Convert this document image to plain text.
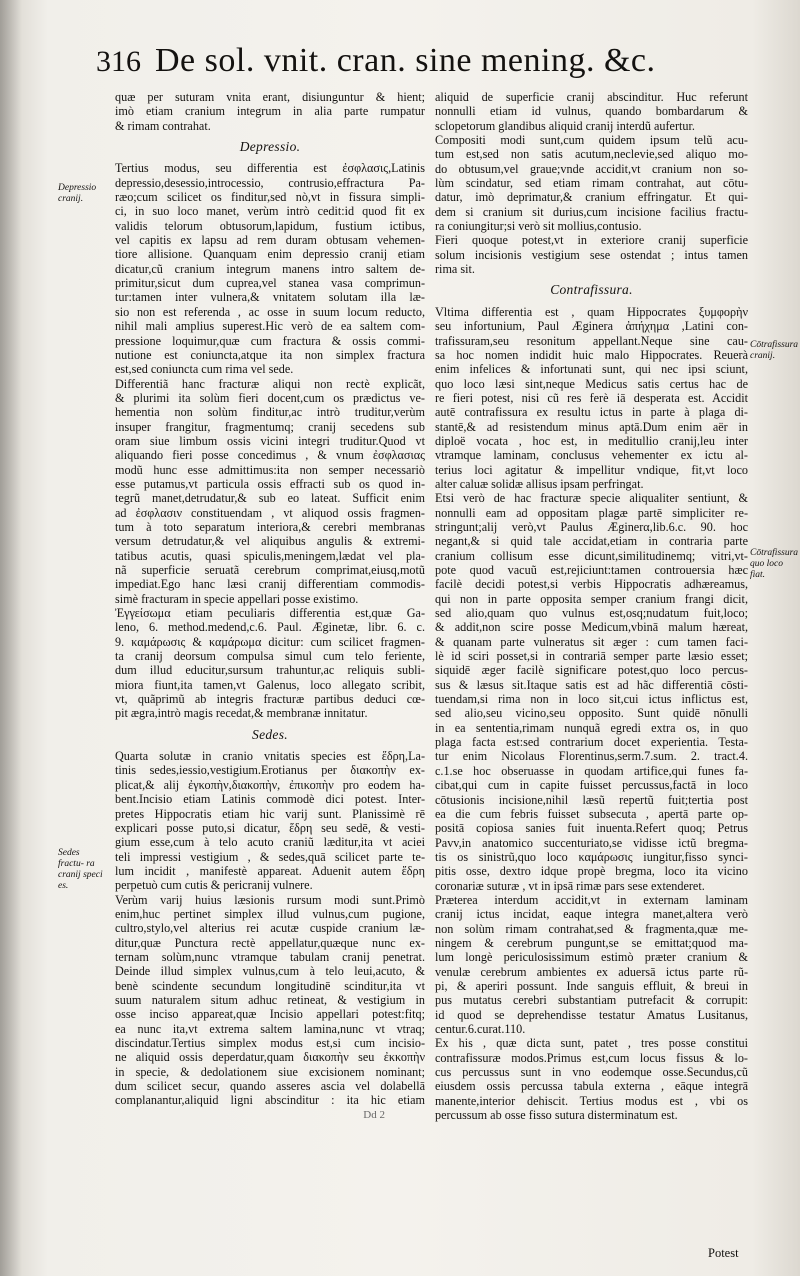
316 De sol. vnit. cran. sine mening. &c.

quæ per suturam vnita erant, disiunguntur & hient;
imò etiam cranium integrum in alia parte rumpatur
& rimam contrahat.

Depressio.

Tertius modus, seu differentia est ἐσφλασις,Latinis
depressio,desessio,introcessio, contrusio,effractura Pa-
ræo;cum scilicet os finditur,sed nò,vt in fissura simpli-
ci, in suo loco manet, verùm intrò cedit:id quod fit ex
validis telorum obtusorum,lapidum, fustium ictibus,
vel capitis ex lapsu ad rem duram obtusam vehemen-
tiore allisione. Quanquam enim depressio cranij etiam
dicatur,cũ cranium integrum manens intro saltem de-
primitur,sicut dum cuprea,vel stanea vasa comprimun-
tur:tamen inter vulnera,& vnitatem solutam illa læ-
sio non est referenda , ac osse in suum locum reducto,
nihil mali amplius superest.Hic verò de ea saltem com-
pressione loquimur,quæ cum fractura & ossis commi-
nutione est coniuncta,atque ita non simplex fractura
est,sed coniuncta cum rima vel sede.

Differentiã hanc fracturæ aliqui non rectè explicãt,
& plurimi ita solùm fieri docent,cum os prædictus ve-
hementia non solùm finditur,ac intrò truditur,verùm
insuper frangitur, fragmentumq; cranij secedens sub
oram siue limbum ossis vicini integri truditur.Quod vt
aliquando fieri posse concedimus , & vnum ἐσφλασιας
modũ hunc esse admittimus:ita non semper necessariò
esse putamus,vt particula ossis effracti sub os quod in-
tegrũ manet,detrudatur,& sub eo lateat. Sufficit enim
ad ἐσφλασιν constituendam , vt aliquod ossis fragmen-
tum à toto separatum interiora,& cerebri membranas
versum detrudatur,& vel aliquibus angulis & extremi-
tatibus acutis, quasi spiculis,meningem,lædat vel pla-
nã superficie seruatã cerebrum comprimat,eiusq,motũ
impediat.Ego hanc læsi cranij differentiam commodis-
simè fracturam in specie appellari posse existimo.

Ἐγγείσωμα etiam peculiaris differentia est,quæ Ga-
leno, 6. method.medend,c.6. Paul. Æginetæ, libr. 6. c.
9. καμάρωσις & καμάρωμα dicitur: cum scilicet fragmen-
ta cranij deorsum compulsa simul cum telo feriente,
dum illud educitur,sursum trahuntur,ac reliquis subli-
miora fiunt,ita tamen,vt Galenus, loco allegato scribit,
vt, quãprimũ ab integris fracturæ partibus deduci cœ-
pit ægra,intrò magis recedat,& membranæ innitatur.

Sedes.

Quarta solutæ in cranio vnitatis species est ἕδρη,La-
tinis sedes,iessio,vestigium.Erotianus per διακοπὴν ex-
plicat,& alij ἐγκοπὴν,διακοπὴν, ἐπικοπὴν pro eodem ha-
bent.Incisio etiam Latinis commodè dici potest. Inter-
pretes Hippocratis etiam hic varij sunt. Planissimè rē
explicari posse puto,si dicatur, ἕδρη seu sedē, & vesti-
gium esse,cum à telo acuto craniũ læditur,ita vt aciei
teli impressi vestigium , & sedes,quā scilicet parte te-
lum incidit , manifestè appareat. Aduenit autem ἕδρη
perpetuò cum cutis & pericranij vulnere.

Verùm varij huius læsionis rursum modi sunt.Primò
enim,huc pertinet simplex illud vulnus,cum pugione,
cultro,stylo,vel alterius rei acutæ cuspide cranium læ-
ditur,quæ Punctura rectè appellatur,quæque nunc ex-
ternam solùm,nunc vtramque tabulam cranij penetrat.
Deinde illud simplex vulnus,cum à telo leui,acuto, &
benè scindente secundum longitudinē scinditur,ita vt
suum naturalem situm adhuc retineat, & vestigium in
osse inciso appareat,quæ Incisio appellari potest:fitq;
ea nunc ita,vt extrema saltem lamina,nunc vt vtraq;
discindatur.Tertius simplex modus est,si cum incisio-
ne aliquid ossis deperdatur,quam διακοπὴν seu ἐκκοπὴν
in specie, & dedolationem siue excisionem nominant;
dum scilicet secur, quando asseres ascia vel dolabellā
complanantur,aliquid ligni abscinditur : ita hic etiam

Dd 2

aliquid de superficie cranij abscinditur. Huc referunt
nonnulli etiam id vulnus, quando bombardarum &
sclopetorum glandibus aliquid cranij interdũ aufertur.

Compositi modi sunt,cum quidem ipsum telũ acu-
tum est,sed non satis acutum,neclevie,sed aliquo mo-
do obtusum,vel graue;vnde accidit,vt cranium non so-
lùm scindatur, sed etiam rimam contrahat, aut cōtu-
datur, imò deprimatur,& cranium effringatur. Et qui-
dem si cranium sit durius,cum incisione facilius fractu-
ra coniungitur;si verò sit mollius,contusio.

Fieri quoque potest,vt in exteriore cranij superficie
solum incisionis vestigium sese ostendat ; intus tamen
rima sit.

Contrafissura.

Vltima differentia est , quam Hippocrates ξυμφορὴν
seu infortunium, Paul Æginera ἀπήχημα ,Latini con-
trafissuram,seu resonitum appellant.Neque sine cau-
sa hoc nomen indidit huic malo Hippocrates. Reuerà
enim infelices & infortunati sunt, qui nec ipsi sciunt,
quo loco læsi sint,neque Medicus satis certus hac de
re fieri potest, nisi cũ res ferè iā desperata est. Accidit
autē contrafissura ex resultu ictus in parte à plaga di-
stantē,& ad resistendum minus aptā.Dum enim aër in
diploë vocata , hoc est, in meditullio cranij,leu inter
vtramque laminam, conclusus vehementer ex ictu al-
terius loci agitatur & impellitur vndique, fit,vt loco
alter caluæ solidæ allisus ipsam perfringat.

Etsi verò de hac fracturæ specie aliqualiter sentiunt, &
nonnulli eam ad oppositam plagæ partē simpliciter re-
stringunt;alij verò,vt Paulus Æginerα,lib.6.c. 90. hoc
negant,& si quid tale accidat,etiam in contraria parte
cranium collisum esse dicunt,similitudinemq; vitri,vt-
pote quod vacuũ est,rejiciunt:tamen controuersia hæc
facilè decidi potest,si verbis Hippocratis adhæreamus,
qui non in parte opposita semper cranium frangi dicit,
sed alio,quam quo vulnus est,osq;nudatum fuit,loco;
& addit,non scire posse Medicum,vbinā malum hæreat,
& quanam parte vulneratus sit æger : cum tamen faci-
lè id sciri posset,si in contrariā semper parte læsio esset;
siquidē æger facilè significare potest,quo loco percus-
sus & læsus sit.Itaque satis est ad hãc differentiā cōsti-
tuendam,si rima non in loco sit,cui ictus inflictus est,
sed alio,seu vicino,seu opposito. Sunt quidē nōnulli
in ea sententia,rimam nunquã egredi extra os, in quo
plaga facta est:sed contrarium docet experientia. Testa-
tur enim Nicolaus Florentinus,serm.7.sum. 2. tract.4.
c.1.se hoc obseruasse in quodam artifice,qui funes fa-
cibat,qui cum in capite fuisset percussus,factā in loco
cōtusionis incisione,nihil læsũ repertũ fuit;tertia post
ea die cum febris fuisset subsecuta , apertā parte op-
positā copiosa sanies fuit inuenta.Refert quoq; Petrus
Pavv,in anatomico succenturiato,se vidisse ictũ bregma-
tis os sinistrũ,quo loco καμάρωσις iungitur,fisso synci-
pitis osse, dextro idque propè bregma, loco ita vicino
coronariæ suturæ , vt in ipsā rimæ pars sese extenderet.

Præterea interdum accidit,vt in externam laminam
cranij ictus incidat, eaque integra manet,altera verò
non solùm rimam contrahat,sed & fragmenta,quæ me-
ningem & cerebrum pungunt,se se emittat;quod ma-
lum longè periculosissimum estimò præter cranium &
venulæ cerebrum ambientes ex aduersā ictus parte rũ-
pi, & aperiri possunt. Inde sanguis effluit, & breui in
pus mutatus cerebri substantiam putrefacit & corrupit:
id quod se deprehendisse testatur Amatus Lusitanus,
centur.6.curat.110.

Ex his , quæ dicta sunt, patet , tres posse constitui
contrafissuræ modos.Primus est,cum locus fissus & lo-
cus percussus sunt in vno eodemque osse.Secundus,cũ
eiusdem ossis percussa tabula externa , eāque integrā
manente,interior dehiscit. Tertius modus est , vbi os
percussum ab osse fisso sutura disterminatum est.

Depressio cranij.
Sedes fractu- ra cranij speci es.
Cōtrafissura cranij.
Cōtrafissura quo loco fiat.
Potest
